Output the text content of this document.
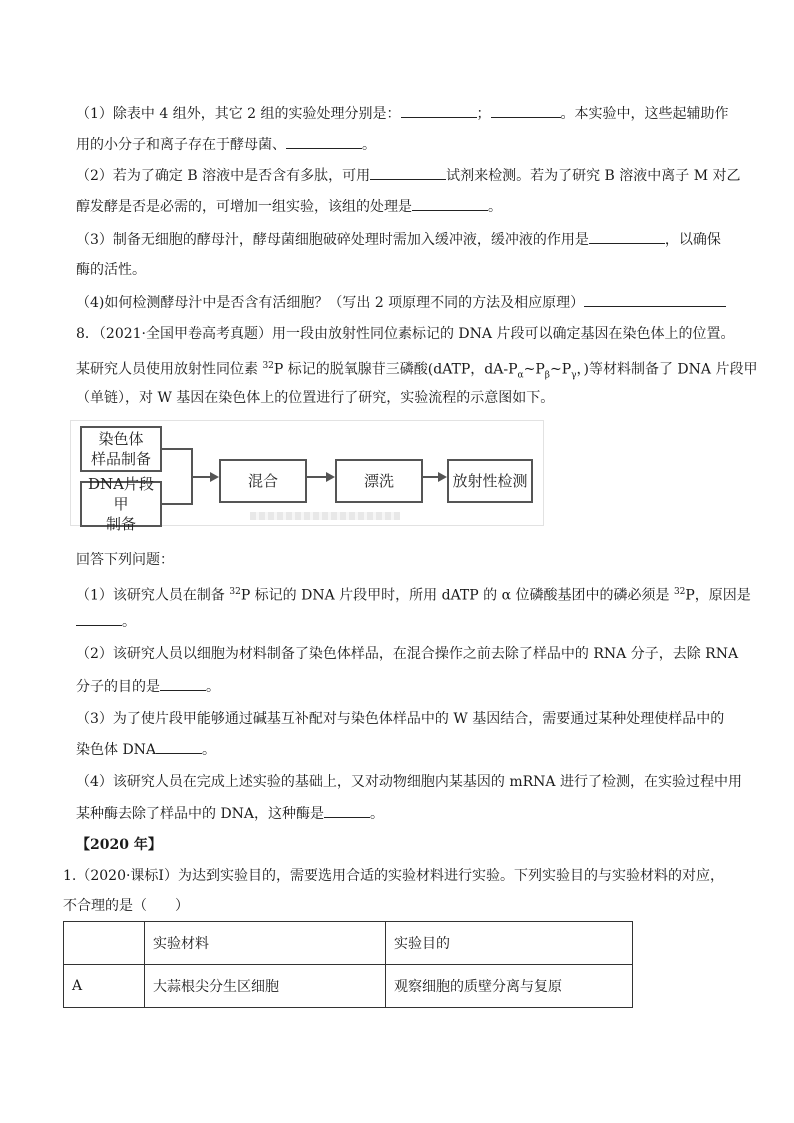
（1）除表中 4 组外，其它 2 组的实验处理分别是：	；	。本实验中，这些起辅助作
用的小分子和离子存在于酵母菌、	。
（2）若为了确定 B 溶液中是否含有多肽，可用	试剂来检测。若为了研究 B 溶液中离子 M 对乙
醇发酵是否是必需的，可增加一组实验，该组的处理是	。
（3）制备无细胞的酵母汁，酵母菌细胞破碎处理时需加入缓冲液，缓冲液的作用是	，以确保
酶的活性。
（4)如何检测酵母汁中是否含有活细胞？（写出 2 项原理不同的方法及相应原理）
8．（2021·全国甲卷高考真题）用一段由放射性同位素标记的 DNA 片段可以确定基因在染色体上的位置。
某研究人员使用放射性同位素 $^{32}$P 标记的脱氧腺苷三磷酸(dATP，$dA-P_\alpha\sim P_\beta\sim P_\gamma$，)等材料制备了 DNA 片段甲
（单链），对 W 基因在染色体上的位置进行了研究，实验流程的示意图如下。
染色体
样品制备
DNA片段甲
制备
混合	漂洗	放射性检测
回答下列问题：
（1）该研究人员在制备 $^{32}$P 标记的 DNA 片段甲时，所用 dATP 的 α 位磷酸基团中的磷必须是 $^{32}$P，原因是
。
（2）该研究人员以细胞为材料制备了染色体样品，在混合操作之前去除了样品中的 RNA 分子，去除 RNA
分子的目的是	。
（3）为了使片段甲能够通过碱基互补配对与染色体样品中的 W 基因结合，需要通过某种处理使样品中的
染色体 DNA	。
（4）该研究人员在完成上述实验的基础上，又对动物细胞内某基因的 mRNA 进行了检测，在实验过程中用
某种酶去除了样品中的 DNA，这种酶是	。
【2020 年】
1.（2020·课标Ⅰ）为达到实验目的，需要选用合适的实验材料进行实验。下列实验目的与实验材料的对应，
不合理的是（　　）
	实验材料	实验目的
A	大蒜根尖分生区细胞	观察细胞的质壁分离与复原
